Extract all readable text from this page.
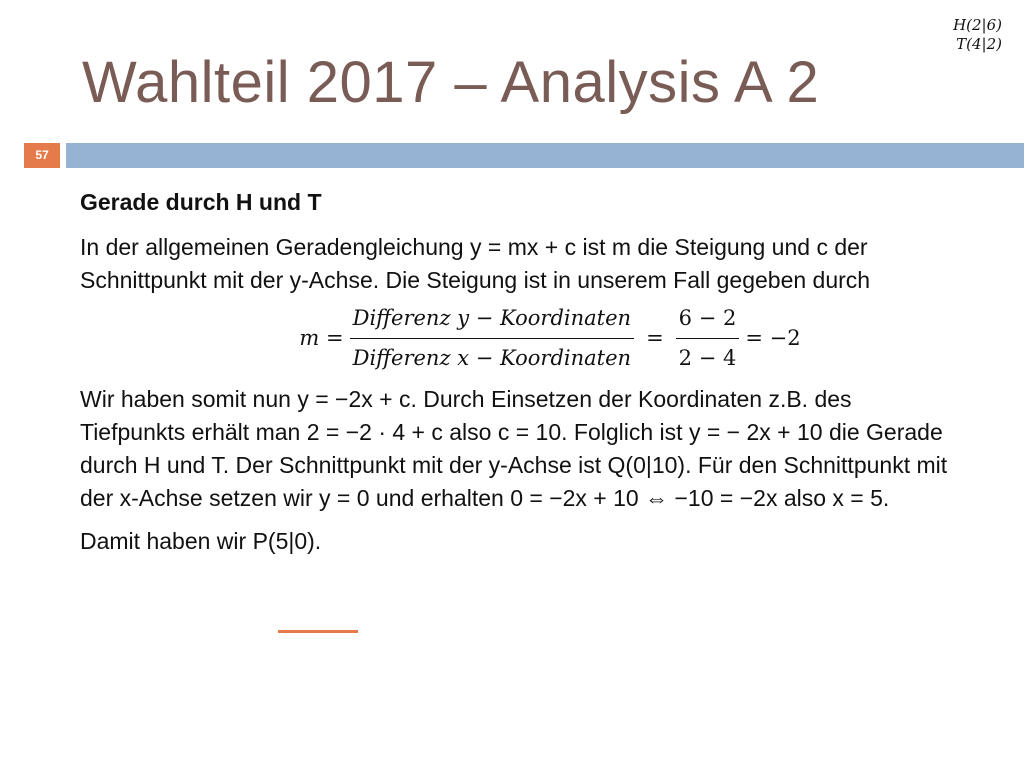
H(2|6)
T(4|2)
Wahlteil 2017 – Analysis A 2
57

Gerade durch H und T

In der allgemeinen Geradengleichung y = mx + c ist m die Steigung und c der Schnittpunkt mit der y-Achse. Die Steigung ist in unserem Fall gegeben durch

$m = \frac{\text{Differenz y − Koordinaten}}{\text{Differenz x − Koordinaten}} = \frac{6 - 2}{2 - 4} = -2$

Wir haben somit nun y = −2x + c. Durch Einsetzen der Koordinaten z.B. des Tiefpunkts erhält man 2 = −2 · 4 + c also c = 10. Folglich ist y = − 2x + 10 die Gerade durch H und T. Der Schnittpunkt mit der y-Achse ist Q(0|10). Für den Schnittpunkt mit der x-Achse setzen wir y = 0 und erhalten 0 = −2x + 10 ⇔ −10 = −2x also x = 5.

Damit haben wir P(5|0).
